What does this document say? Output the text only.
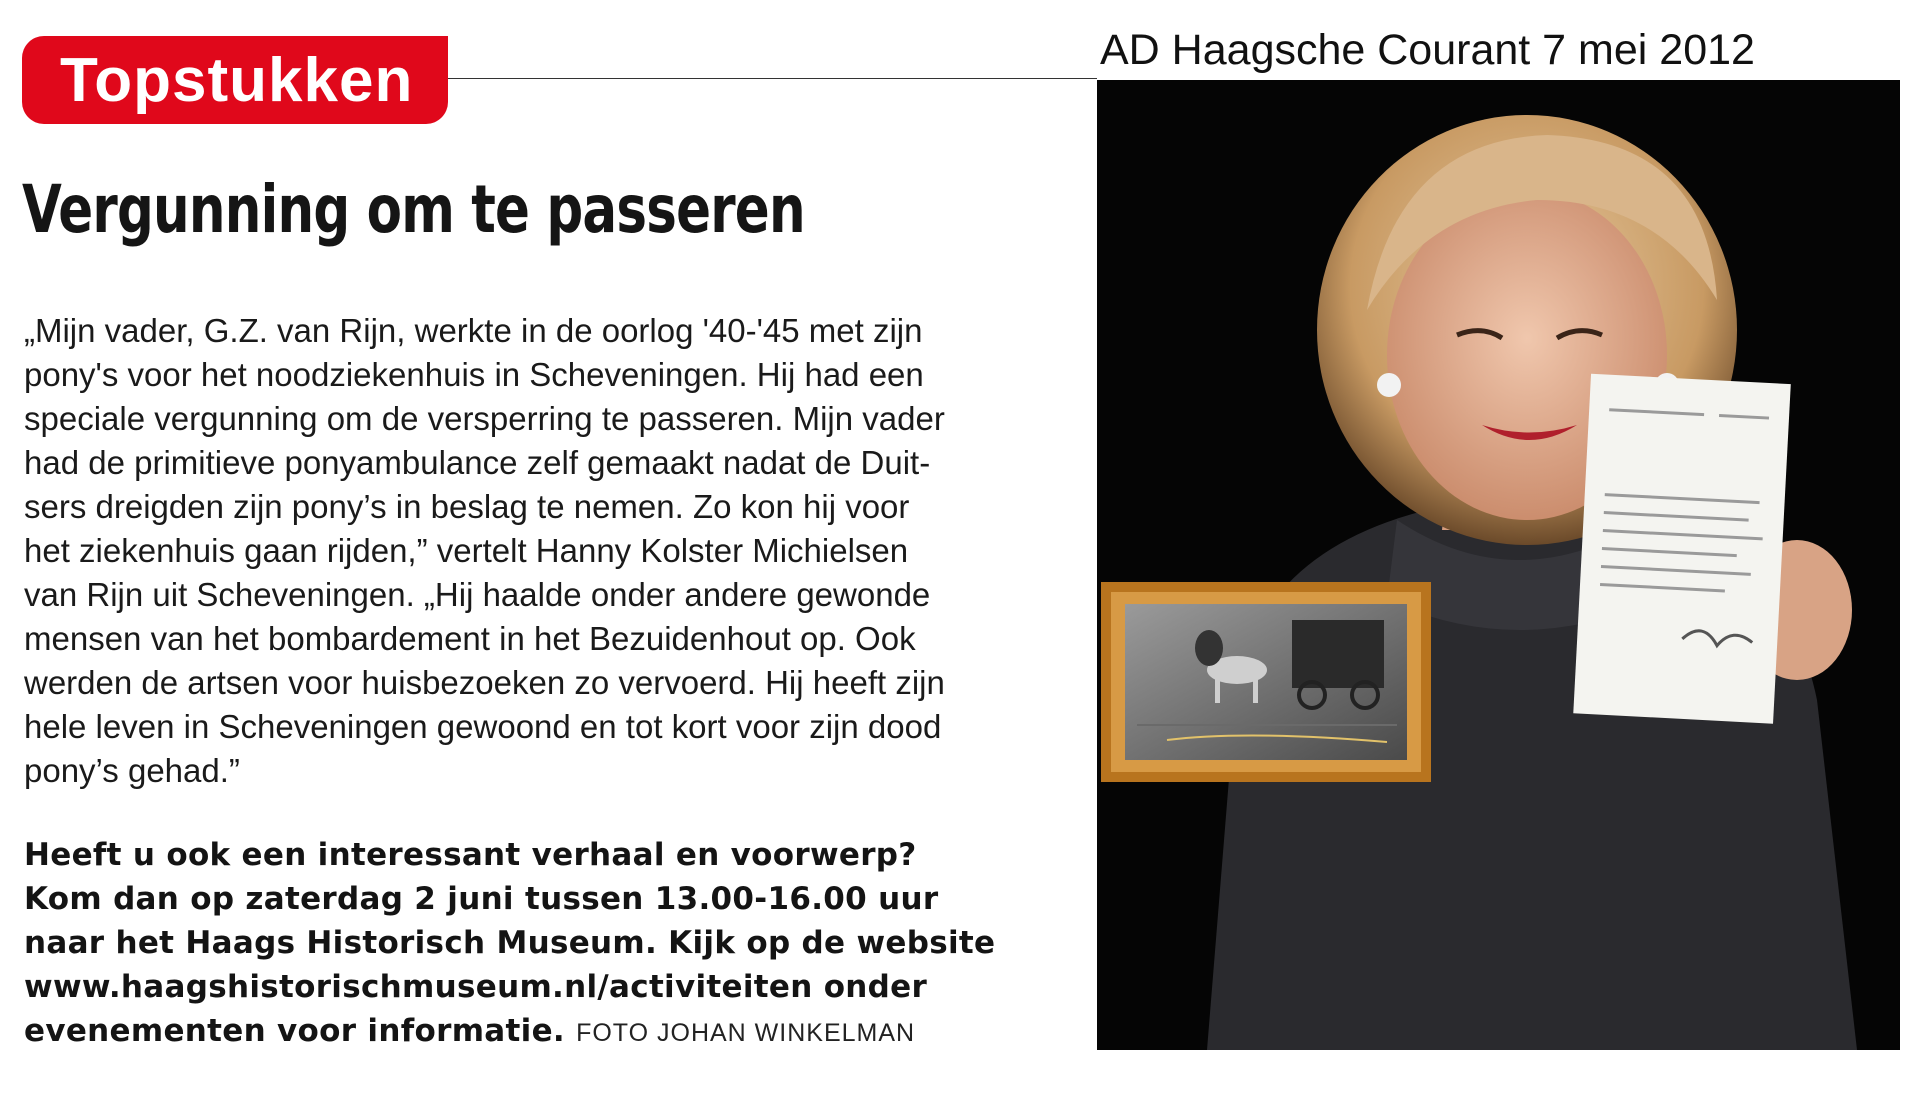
AD Haagsche Courant 7 mei 2012
Topstukken
Vergunning om te passeren
„Mijn vader, G.Z. van Rijn, werkte in de oorlog '40-'45 met zijn
pony's voor het noodziekenhuis in Scheveningen. Hij had een
speciale vergunning om de versperring te passeren. Mijn vader
had de primitieve ponyambulance zelf gemaakt nadat de Duit-
sers dreigden zijn pony’s in beslag te nemen. Zo kon hij voor
het ziekenhuis gaan rijden,” vertelt Hanny Kolster Michielsen
van Rijn uit Scheveningen. „Hij haalde onder andere gewonde
mensen van het bombardement in het Bezuidenhout op. Ook
werden de artsen voor huisbezoeken zo vervoerd. Hij heeft zijn
hele leven in Scheveningen gewoond en tot kort voor zijn dood
pony’s gehad.”
Heeft u ook een interessant verhaal en voorwerp?
Kom dan op zaterdag 2 juni tussen 13.00-16.00 uur
naar het Haags Historisch Museum. Kijk op de website
www.haagshistorischmuseum.nl/activiteiten onder
evenementen voor informatie. FOTO JOHAN WINKELMAN
